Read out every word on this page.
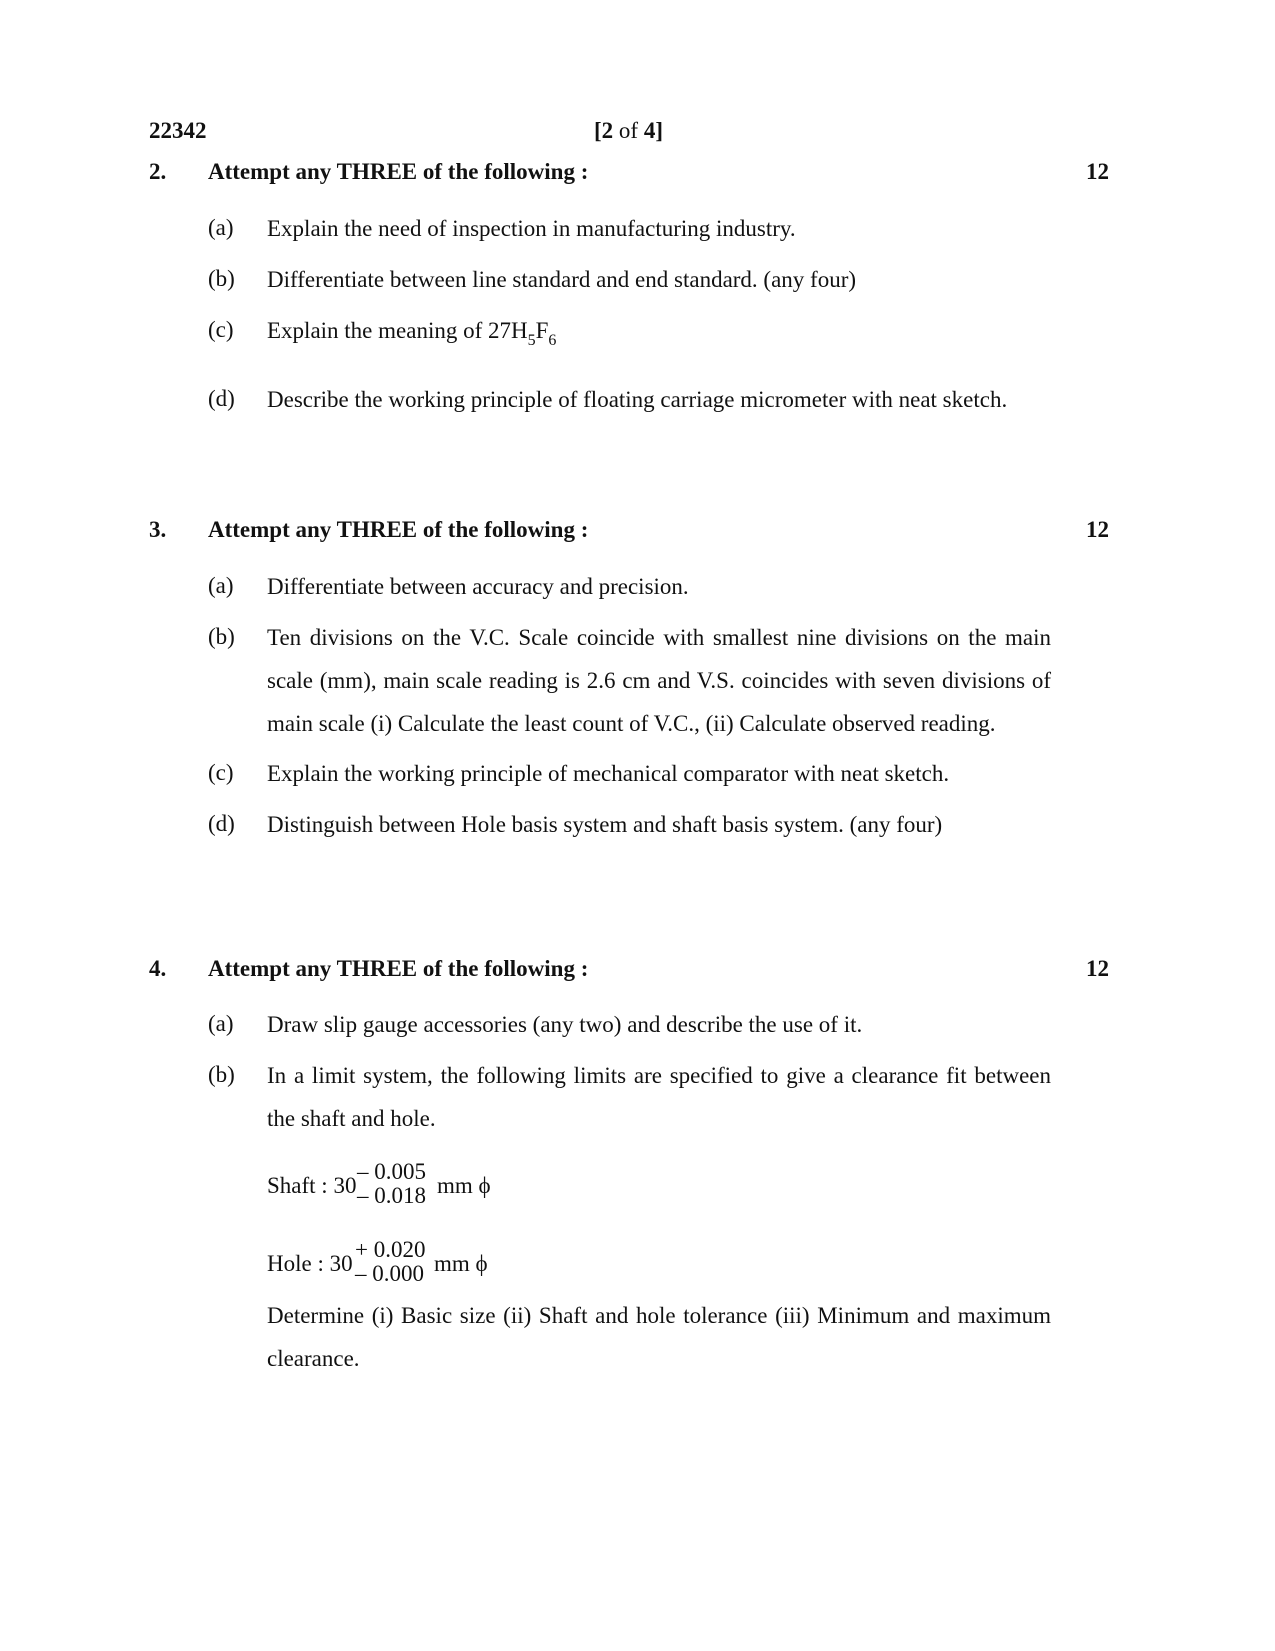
22342	[2 of 4]
2. Attempt any THREE of the following :	12
(a) Explain the need of inspection in manufacturing industry.
(b) Differentiate between line standard and end standard. (any four)
(c) Explain the meaning of $27H_5F_6$
(d) Describe the working principle of floating carriage micrometer with neat sketch.
3. Attempt any THREE of the following :	12
(a) Differentiate between accuracy and precision.
(b) Ten divisions on the V.C. Scale coincide with smallest nine divisions on the main scale (mm), main scale reading is 2.6 cm and V.S. coincides with seven divisions of main scale (i) Calculate the least count of V.C., (ii) Calculate observed reading.
(c) Explain the working principle of mechanical comparator with neat sketch.
(d) Distinguish between Hole basis system and shaft basis system. (any four)
4. Attempt any THREE of the following :	12
(a) Draw slip gauge accessories (any two) and describe the use of it.
(b) In a limit system, the following limits are specified to give a clearance fit between the shaft and hole.
Shaft : 30
– 0.005
– 0.018 mm ϕ
Hole : 30
+ 0.020
– 0.000 mm ϕ
Determine (i) Basic size (ii) Shaft and hole tolerance (iii) Minimum and maximum clearance.
